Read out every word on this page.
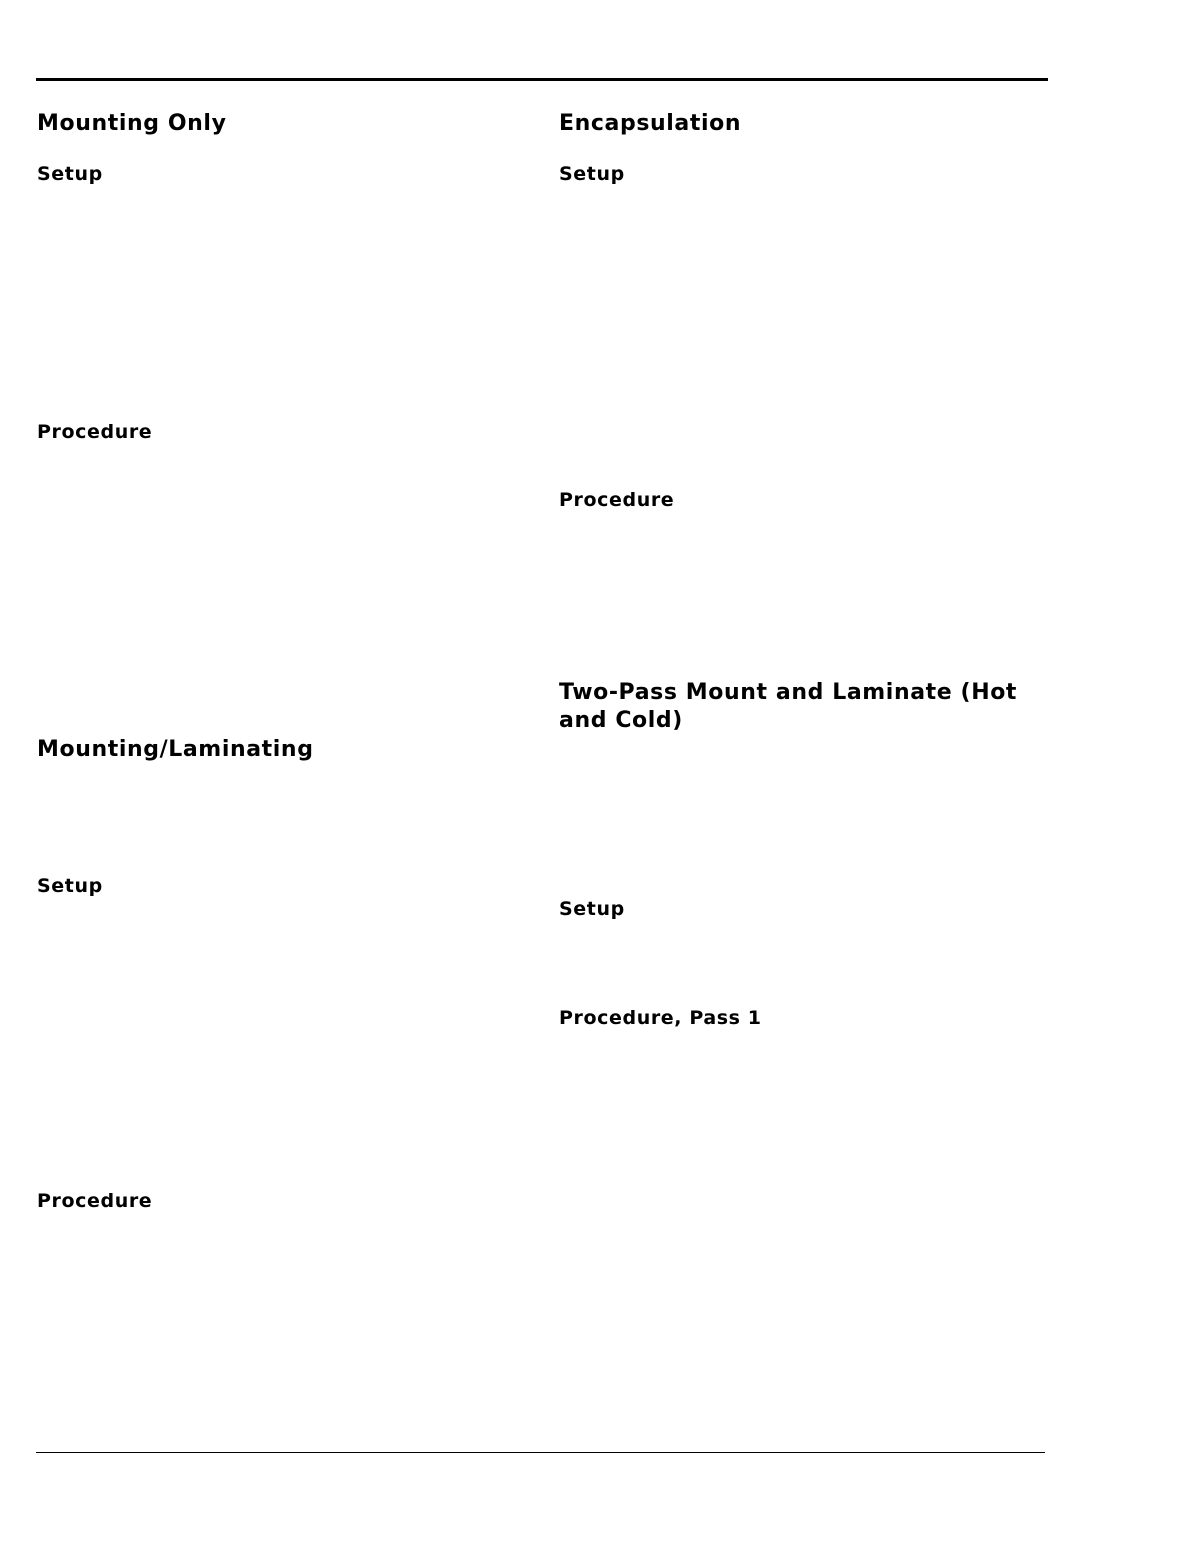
Mounting Only
Setup
Procedure
Mounting/Laminating
Setup
Procedure
Encapsulation
Setup
Procedure
Two-Pass Mount and Laminate (Hot and Cold)
Setup
Procedure, Pass 1
